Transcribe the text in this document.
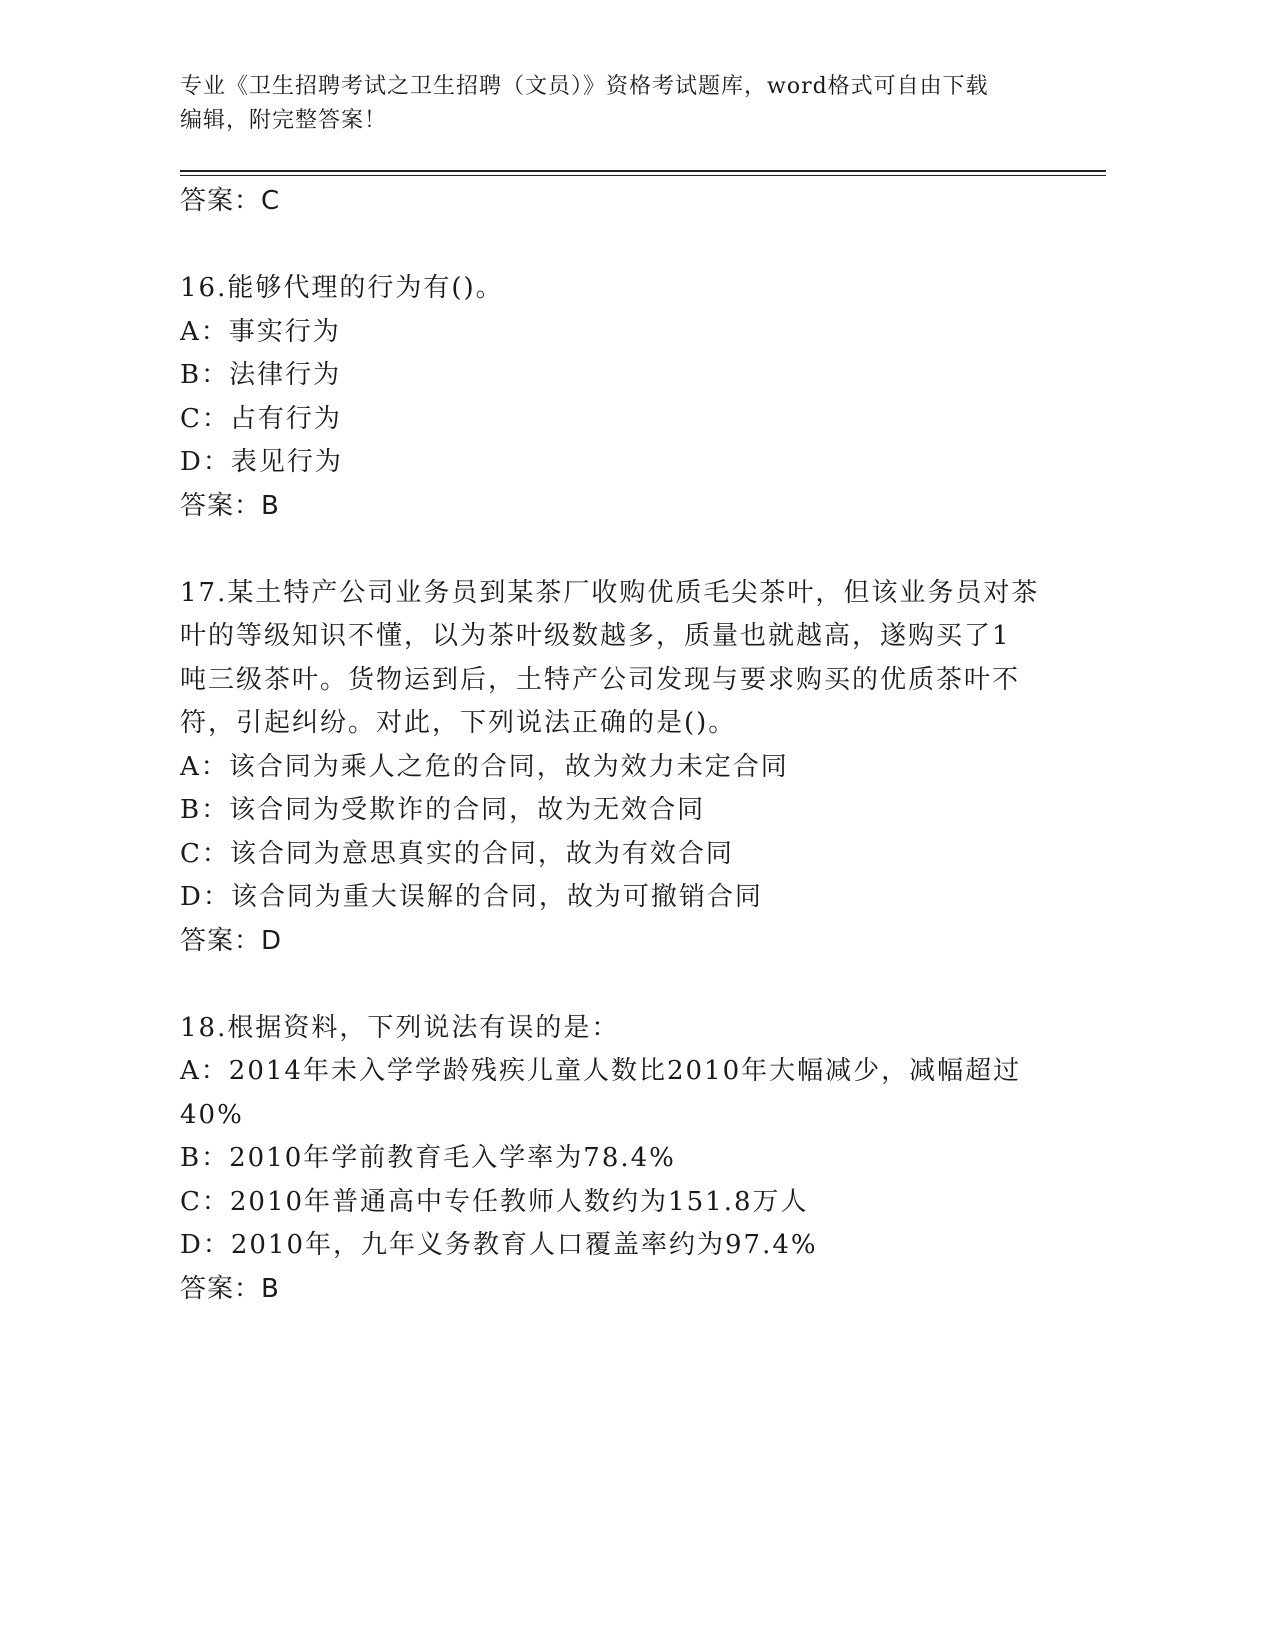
专业《卫生招聘考试之卫生招聘（文员）》资格考试题库，word格式可自由下载
编辑，附完整答案！
答案：C
16.能够代理的行为有()。
A：事实行为
B：法律行为
C：占有行为
D：表见行为
答案：B
17.某土特产公司业务员到某茶厂收购优质毛尖茶叶，但该业务员对茶
叶的等级知识不懂，以为茶叶级数越多，质量也就越高，遂购买了1
吨三级茶叶。货物运到后，土特产公司发现与要求购买的优质茶叶不
符，引起纠纷。对此，下列说法正确的是()。
A：该合同为乘人之危的合同，故为效力未定合同
B：该合同为受欺诈的合同，故为无效合同
C：该合同为意思真实的合同，故为有效合同
D：该合同为重大误解的合同，故为可撤销合同
答案：D
18.根据资料，下列说法有误的是：
A：2014年未入学学龄残疾儿童人数比2010年大幅减少，减幅超过
40%
B：2010年学前教育毛入学率为78.4%
C：2010年普通高中专任教师人数约为151.8万人
D：2010年，九年义务教育人口覆盖率约为97.4%
答案：B
